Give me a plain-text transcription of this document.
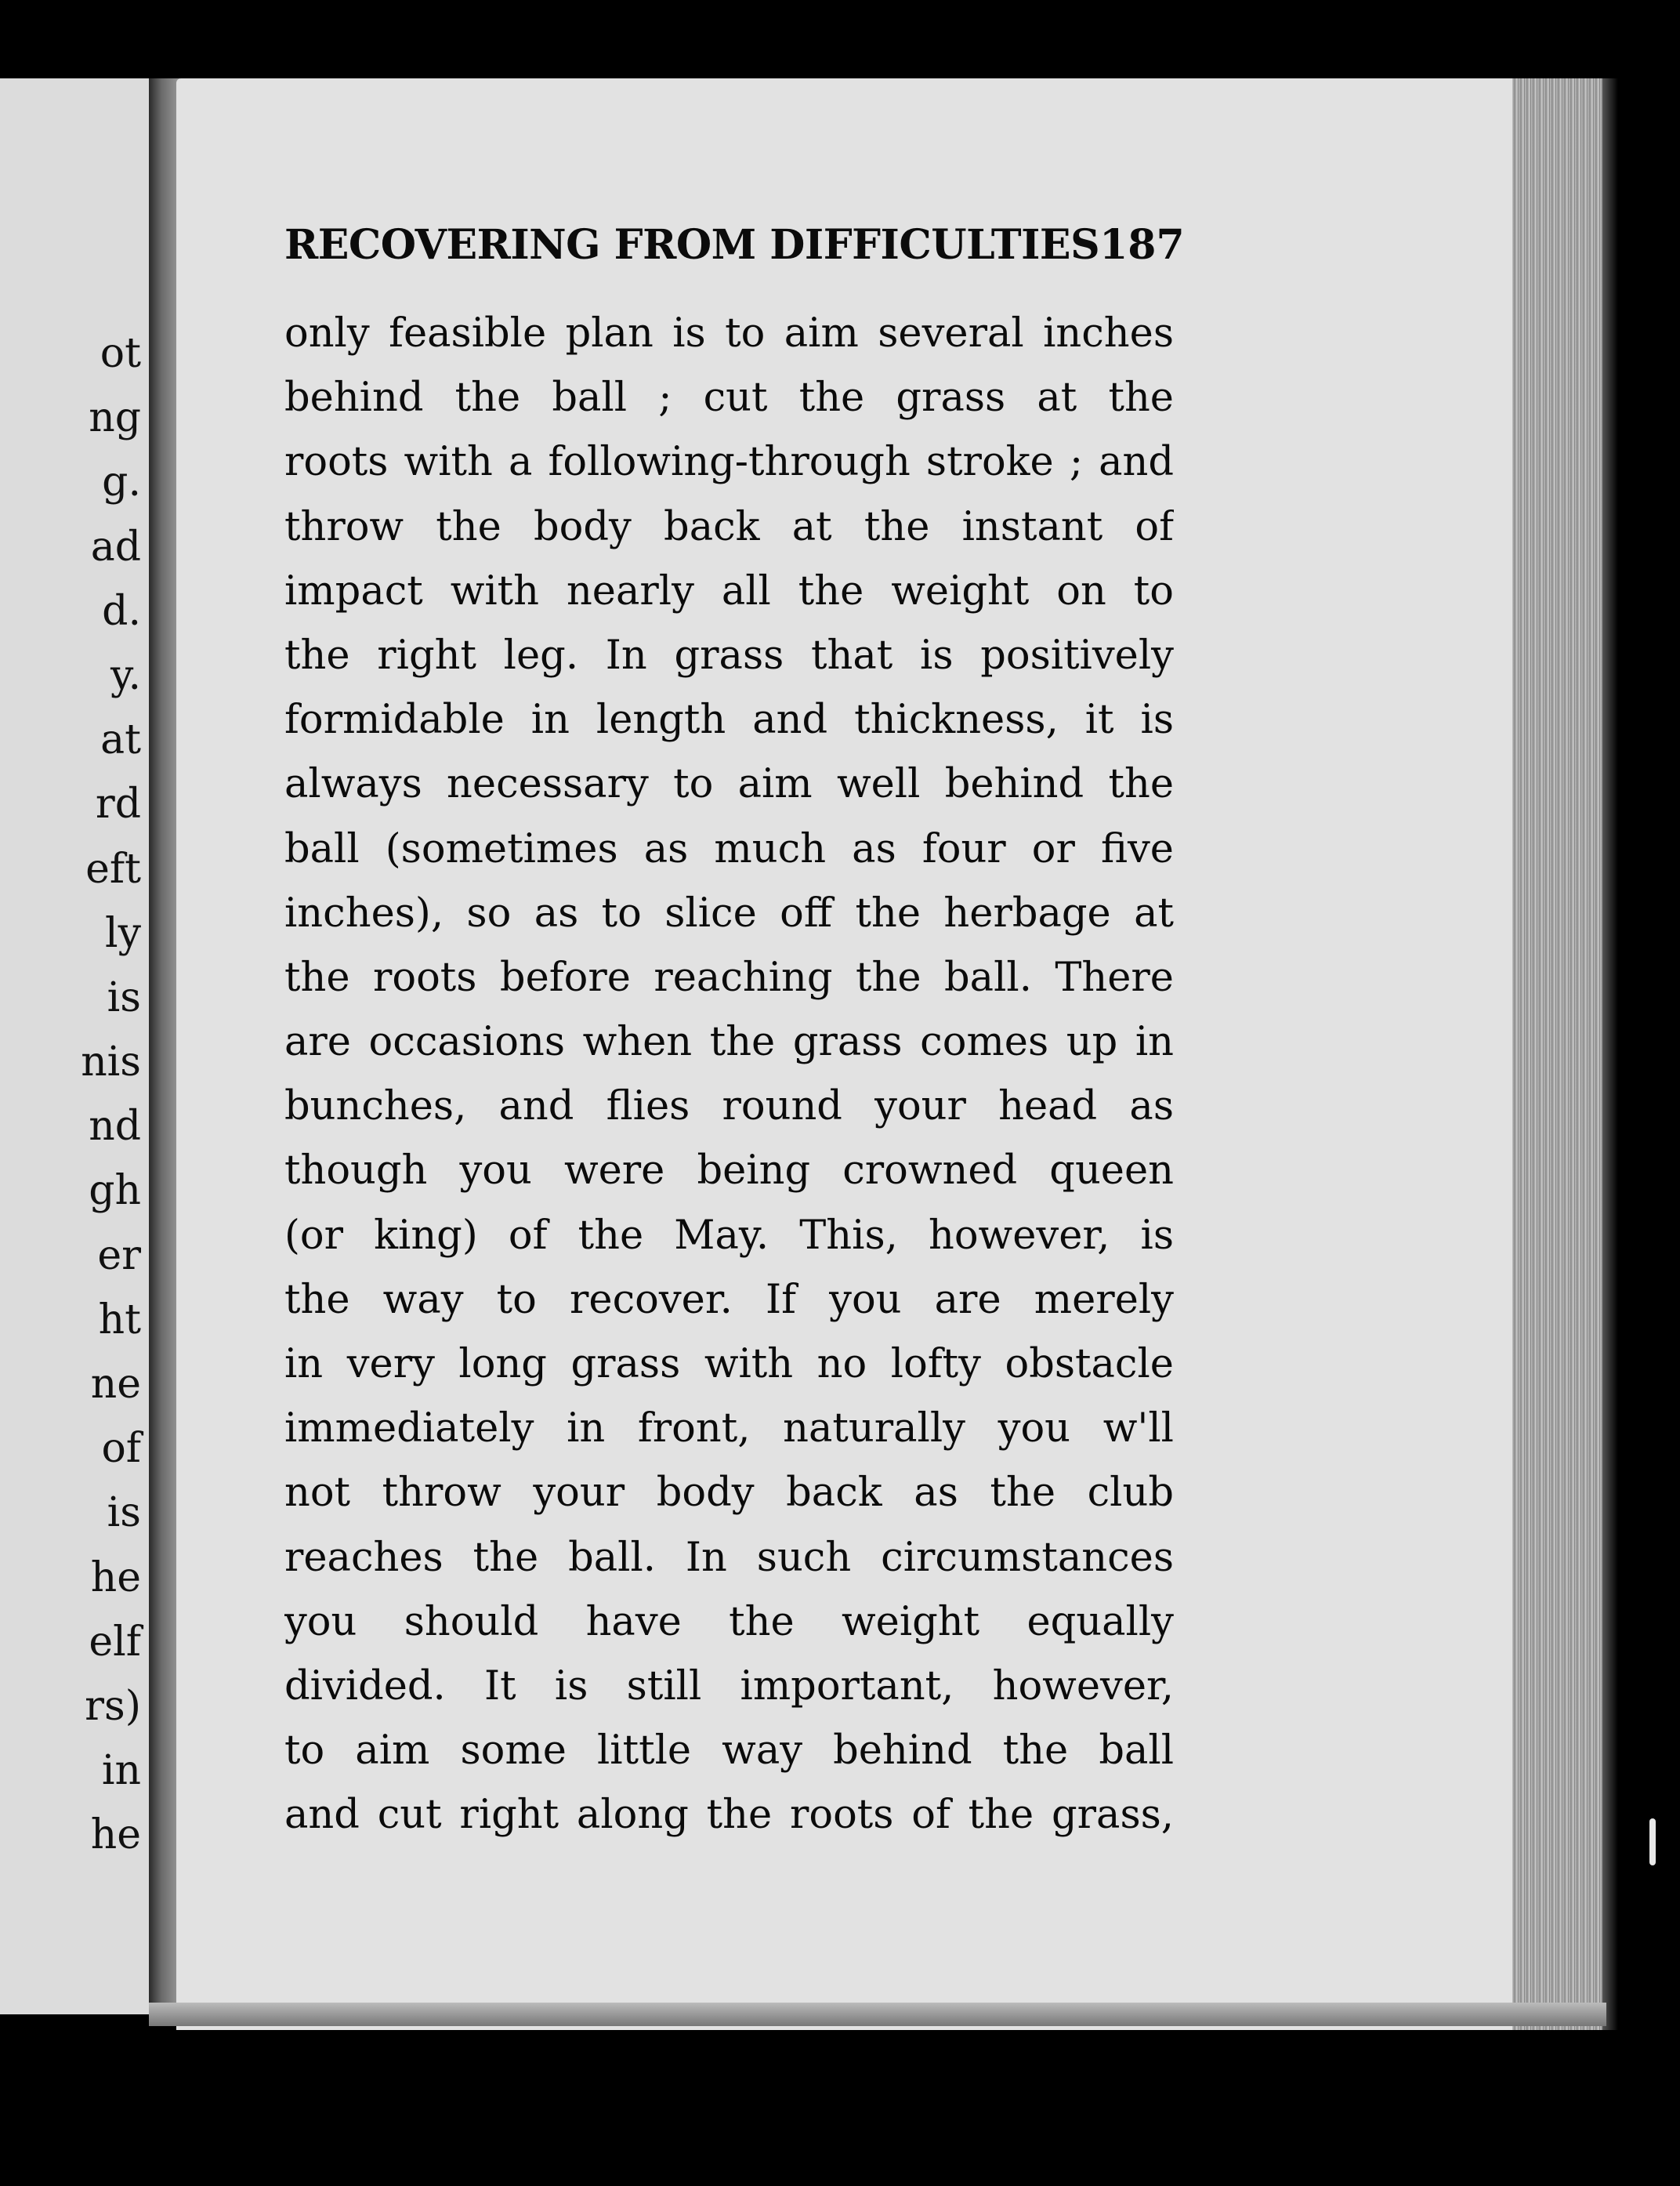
ot
ng
g.
ad
d.
y.
at
rd
eft
ly
is
nis
nd
gh
er
ht
ne
of
is
he
elf
rs)
in
he
RECOVERING FROM DIFFICULTIES 187
only feasible plan is to aim several inches
behind the ball ; cut the grass at the
roots with a following-through stroke ; and
throw the body back at the instant of
impact with nearly all the weight on to
the right leg. In grass that is positively
formidable in length and thickness, it is
always necessary to aim well behind the
ball (sometimes as much as four or five
inches), so as to slice off the herbage at
the roots before reaching the ball. There
are occasions when the grass comes up in
bunches, and flies round your head as
though you were being crowned queen
(or king) of the May. This, however, is
the way to recover. If you are merely
in very long grass with no lofty obstacle
immediately in front, naturally you w'll
not throw your body back as the club
reaches the ball. In such circumstances
you should have the weight equally
divided. It is still important, however,
to aim some little way behind the ball
and cut right along the roots of the grass,
